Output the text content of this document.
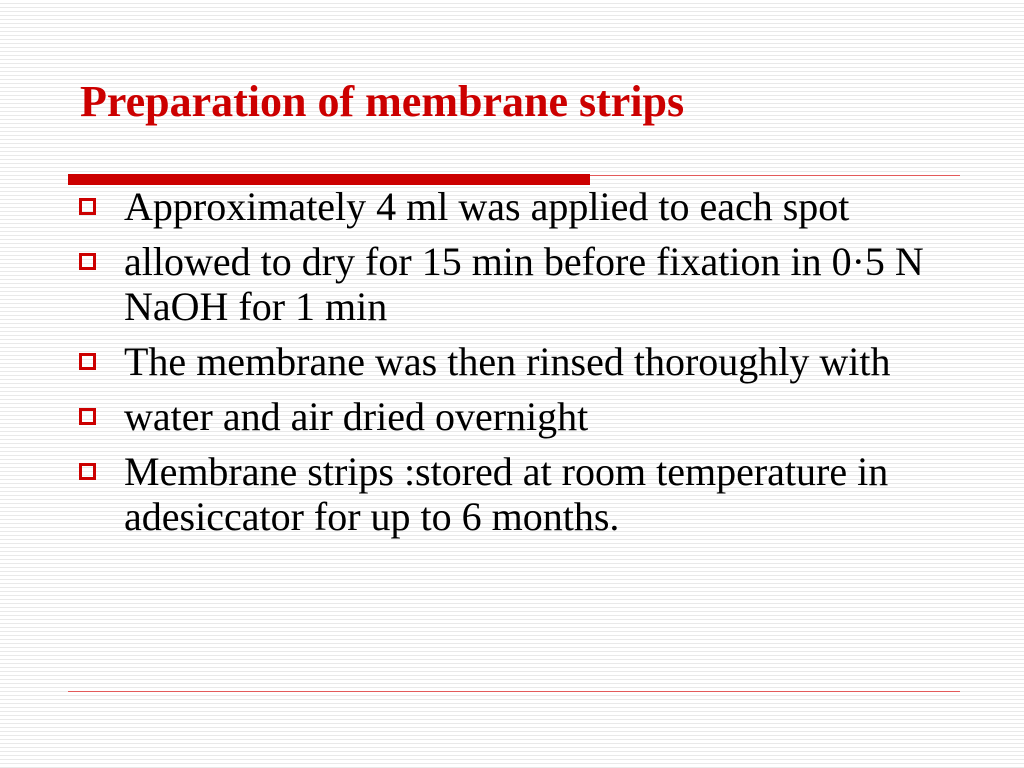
Preparation of membrane strips
Approximately 4 ml was applied to each spot
allowed to dry for 15 min before fixation in 0·5 N NaOH for 1 min
The membrane was then rinsed thoroughly with
water and air dried overnight
Membrane strips :stored at room temperature in adesiccator for up to 6 months.
